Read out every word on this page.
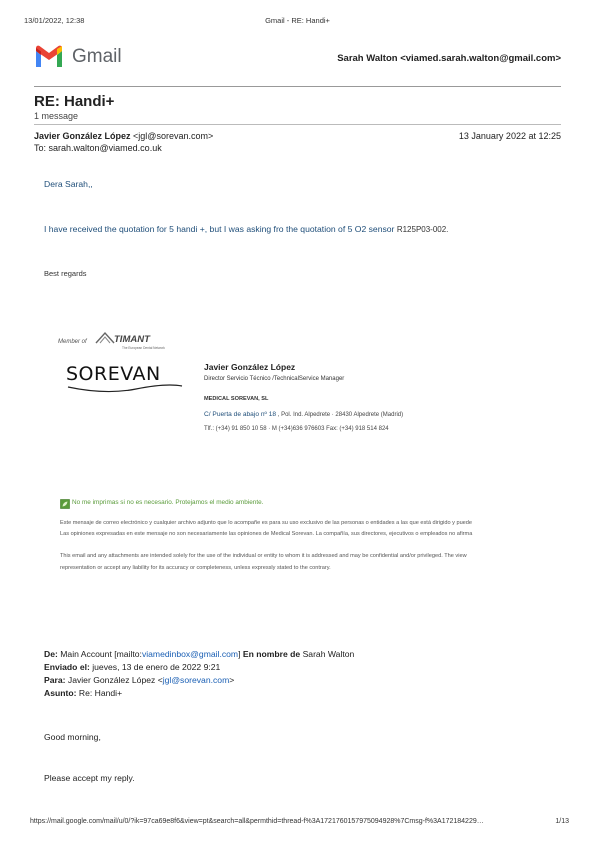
13/01/2022, 12:38	Gmail - RE: Handi+
Gmail	Sarah Walton <viamed.sarah.walton@gmail.com>
RE: Handi+
1 message
Javier González López <jgl@sorevan.com>	13 January 2022 at 12:25
To: sarah.walton@viamed.co.uk
Dera Sarah,,
I have received the quotation for 5 handi +, but I was asking fro the quotation of 5 O2 sensor R125P03-002.
Best regards
Member of	TIMANT
The European Dental Network
SOREVAN	Javier González López
Director Servicio Técnico /TechnicalService Manager
MEDICAL SOREVAN, SL
C/ Puerta de abajo nº 18 , Pol. Ind. Alpedrete · 28430 Alpedrete (Madrid)
Tlf.: (+34) 91 850 10 58 · M (+34)636 976603 Fax: (+34) 918 514 824
No me imprimas si no es necesario. Protejamos el medio ambiente.
Este mensaje de correo electrónico y cualquier archivo adjunto que lo acompañe es para su uso exclusivo de las personas o entidades a las que está dirigido y puede
Las opiniones expresadas en este mensaje no son necesariamente las opiniones de Medical Sorevan. La compañía, sus directores, ejecutivos o empleados no afirma
This email and any attachments are intended solely for the use of the individual or entity to whom it is addressed and may be confidential and/or privileged. The view
representation or accept any liability for its accuracy or completeness, unless expressly stated to the contrary.
De: Main Account [mailto:viamedinbox@gmail.com] En nombre de Sarah Walton
Enviado el: jueves, 13 de enero de 2022 9:21
Para: Javier González López <jgl@sorevan.com>
Asunto: Re: Handi+
Good morning,
Please accept my reply.
https://mail.google.com/mail/u/0/?ik=97ca69e8f6&view=pt&search=all&permthid=thread-f%3A1721760157975094928%7Cmsg-f%3A172184229…	1/13
